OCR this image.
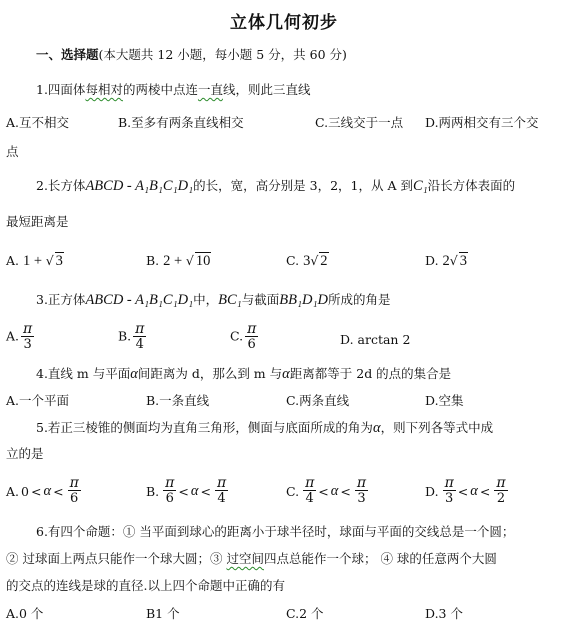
立体几何初步
一、选择题(本大题共 12 小题，每小题 5 分，共 60 分)
1.四面体每相对的两棱中点连一直线，则此三直线
A.互不相交	B.至多有两条直线相交	C.三线交于一点 D.两两相交有三个交
点
2.长方体ABCD - A₁B₁C₁D₁的长，宽，高分别是 3，2，1，从 A 到C₁沿长方体表面的
最短距离是
A. 1 + √ 3	B. 2 + √ 10	C. 3√ 2	D. 2√ 3
3.正方体ABCD - A₁B₁C₁D₁中，BC₁与截面BB₁D₁D所成的角是
A. $\frac{\pi}{3}$	B. $\frac{\pi}{4}$	C. $\frac{\pi}{6}$	D. arctan 2
4.直线 m 与平面α间距离为 d，那么到 m 与α距离都等于 2d 的点的集合是
A.一个平面	B.一条直线	C.两条直线	D.空集
5.若正三棱锥的侧面均为直角三角形，侧面与底面所成的角为α，则下列各等式中成
立的是
A. $0 < \alpha < \frac{\pi}{6}$	B. $\frac{\pi}{6} < \alpha < \frac{\pi}{4}$	C. $\frac{\pi}{4} < \alpha < \frac{\pi}{3}$	D. $\frac{\pi}{3} < \alpha < \frac{\pi}{2}$
6.有四个命题：① 当平面到球心的距离小于球半径时，球面与平面的交线总是一个圆；
② 过球面上两点只能作一个球大圆；③ 过空间四点总能作一个球； ④ 球的任意两个大圆
的交点的连线是球的直径.以上四个命题中正确的有
A.0 个	B1 个	C.2 个	D.3 个
